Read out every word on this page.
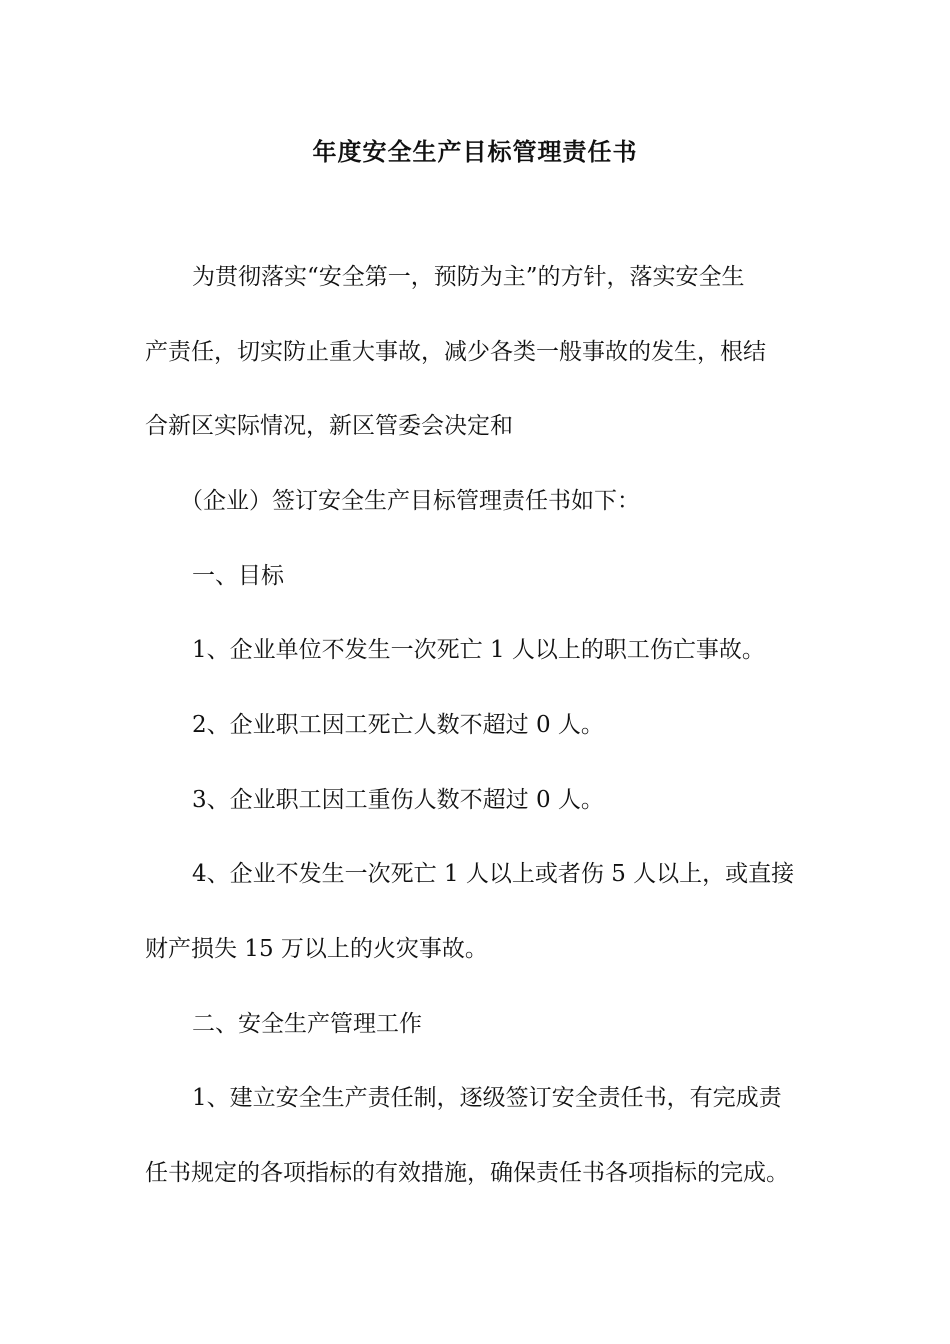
年度安全生产目标管理责任书

为贯彻落实“安全第一，预防为主”的方针，落实安全生

产责任，切实防止重大事故，减少各类一般事故的发生，根结

合新区实际情况，新区管委会决定和

（企业）签订安全生产目标管理责任书如下：

一、目标

1、企业单位不发生一次死亡 1 人以上的职工伤亡事故。

2、企业职工因工死亡人数不超过 0 人。

3、企业职工因工重伤人数不超过 0 人。

4、企业不发生一次死亡 1 人以上或者伤 5 人以上，或直接

财产损失 15 万以上的火灾事故。

二、安全生产管理工作

1、建立安全生产责任制，逐级签订安全责任书，有完成责

任书规定的各项指标的有效措施，确保责任书各项指标的完成。
